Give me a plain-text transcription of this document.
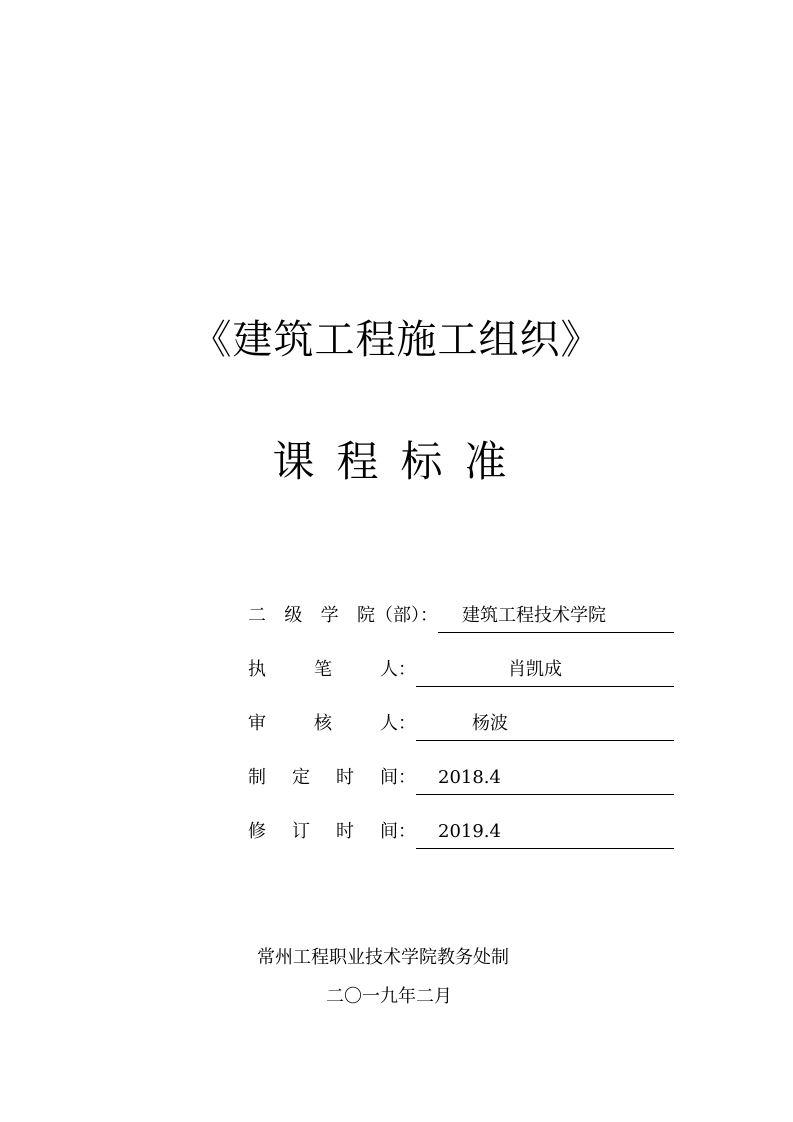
《建筑工程施工组织》
课程标准
二 级 学 院（部）： 建筑工程技术学院
执	笔	人：	肖凯成
审	核	人：	杨波
制 定 时 间： 2018.4
修 订 时 间： 2019.4
常州工程职业技术学院教务处制
二〇一九年二月
